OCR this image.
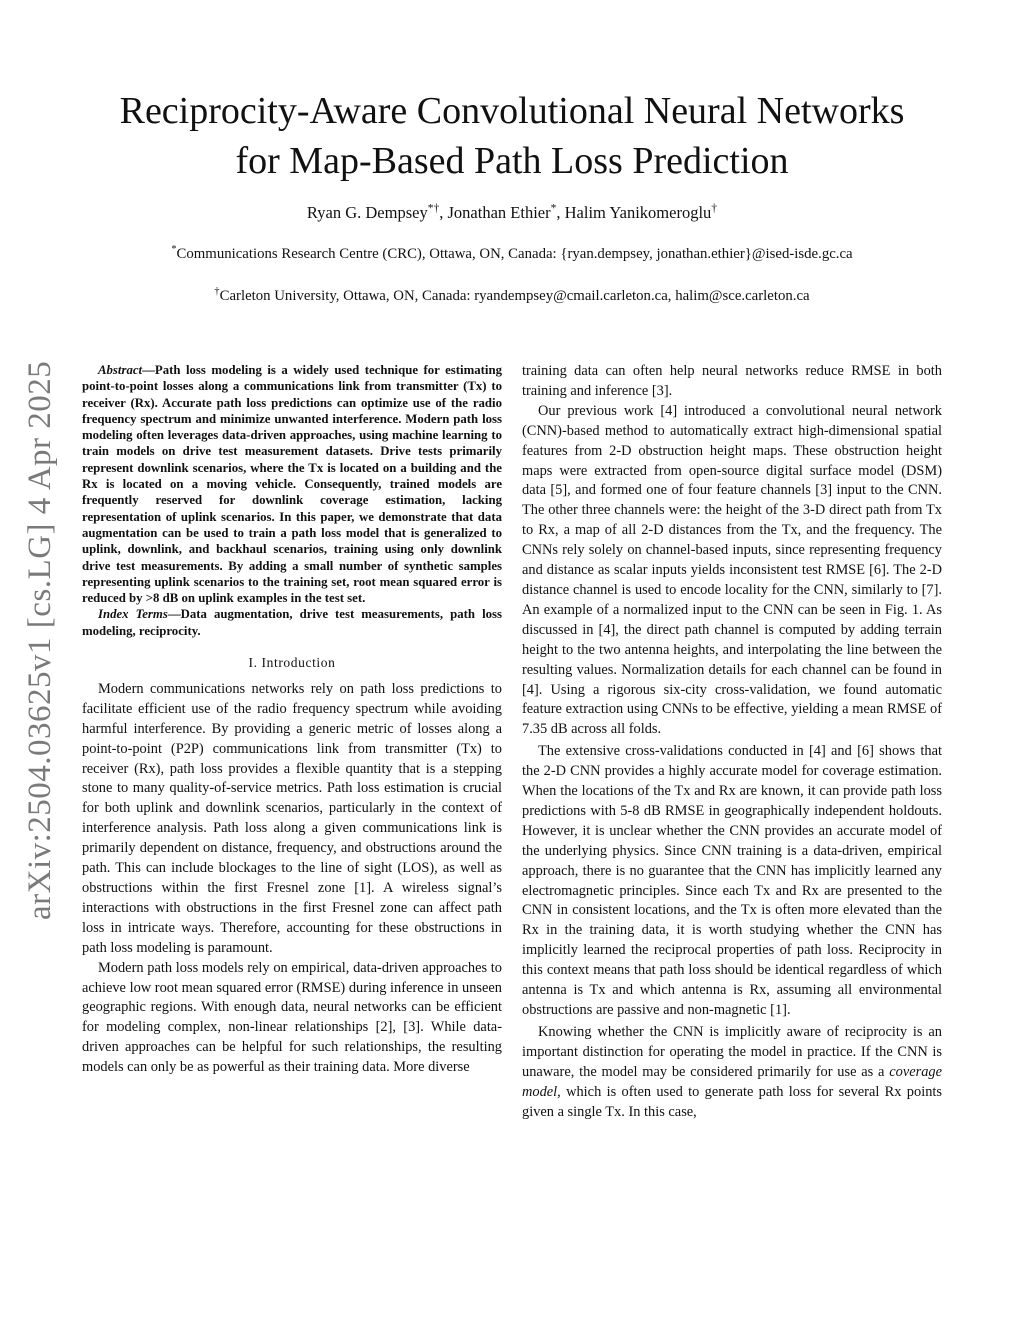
arXiv:2504.03625v1 [cs.LG] 4 Apr 2025
Reciprocity-Aware Convolutional Neural Networks
for Map-Based Path Loss Prediction
Ryan G. Dempsey*†, Jonathan Ethier*, Halim Yanikomeroglu†
*Communications Research Centre (CRC), Ottawa, ON, Canada: {ryan.dempsey, jonathan.ethier}@ised-isde.gc.ca
†Carleton University, Ottawa, ON, Canada: ryandempsey@cmail.carleton.ca, halim@sce.carleton.ca

Abstract—Path loss modeling is a widely used technique for estimating point-to-point losses along a communications link from transmitter (Tx) to receiver (Rx). Accurate path loss predictions can optimize use of the radio frequency spectrum and minimize unwanted interference. Modern path loss modeling often leverages data-driven approaches, using machine learning to train models on drive test measurement datasets. Drive tests primarily represent downlink scenarios, where the Tx is located on a building and the Rx is located on a moving vehicle. Consequently, trained models are frequently reserved for downlink coverage estimation, lacking representation of uplink scenarios. In this paper, we demonstrate that data augmentation can be used to train a path loss model that is generalized to uplink, downlink, and backhaul scenarios, training using only downlink drive test measurements. By adding a small number of synthetic samples representing uplink scenarios to the training set, root mean squared error is reduced by >8 dB on uplink examples in the test set.

Index Terms—Data augmentation, drive test measurements, path loss modeling, reciprocity.

I. Introduction

Modern communications networks rely on path loss predictions to facilitate efficient use of the radio frequency spectrum while avoiding harmful interference. By providing a generic metric of losses along a point-to-point (P2P) communications link from transmitter (Tx) to receiver (Rx), path loss provides a flexible quantity that is a stepping stone to many quality-of-service metrics. Path loss estimation is crucial for both uplink and downlink scenarios, particularly in the context of interference analysis. Path loss along a given communications link is primarily dependent on distance, frequency, and obstructions around the path. This can include blockages to the line of sight (LOS), as well as obstructions within the first Fresnel zone [1]. A wireless signal’s interactions with obstructions in the first Fresnel zone can affect path loss in intricate ways. Therefore, accounting for these obstructions in path loss modeling is paramount.

Modern path loss models rely on empirical, data-driven approaches to achieve low root mean squared error (RMSE) during inference in unseen geographic regions. With enough data, neural networks can be efficient for modeling complex, non-linear relationships [2], [3]. While data-driven approaches can be helpful for such relationships, the resulting models can only be as powerful as their training data. More diverse

training data can often help neural networks reduce RMSE in both training and inference [3].

Our previous work [4] introduced a convolutional neural network (CNN)-based method to automatically extract high-dimensional spatial features from 2-D obstruction height maps. These obstruction height maps were extracted from open-source digital surface model (DSM) data [5], and formed one of four feature channels [3] input to the CNN. The other three channels were: the height of the 3-D direct path from Tx to Rx, a map of all 2-D distances from the Tx, and the frequency. The CNNs rely solely on channel-based inputs, since representing frequency and distance as scalar inputs yields inconsistent test RMSE [6]. The 2-D distance channel is used to encode locality for the CNN, similarly to [7]. An example of a normalized input to the CNN can be seen in Fig. 1. As discussed in [4], the direct path channel is computed by adding terrain height to the two antenna heights, and interpolating the line between the resulting values. Normalization details for each channel can be found in [4]. Using a rigorous six-city cross-validation, we found automatic feature extraction using CNNs to be effective, yielding a mean RMSE of 7.35 dB across all folds.

The extensive cross-validations conducted in [4] and [6] shows that the 2-D CNN provides a highly accurate model for coverage estimation. When the locations of the Tx and Rx are known, it can provide path loss predictions with 5-8 dB RMSE in geographically independent holdouts. However, it is unclear whether the CNN provides an accurate model of the underlying physics. Since CNN training is a data-driven, empirical approach, there is no guarantee that the CNN has implicitly learned any electromagnetic principles. Since each Tx and Rx are presented to the CNN in consistent locations, and the Tx is often more elevated than the Rx in the training data, it is worth studying whether the CNN has implicitly learned the reciprocal properties of path loss. Reciprocity in this context means that path loss should be identical regardless of which antenna is Tx and which antenna is Rx, assuming all environmental obstructions are passive and non-magnetic [1].

Knowing whether the CNN is implicitly aware of reciprocity is an important distinction for operating the model in practice. If the CNN is unaware, the model may be considered primarily for use as a coverage model, which is often used to generate path loss for several Rx points given a single Tx. In this case,
